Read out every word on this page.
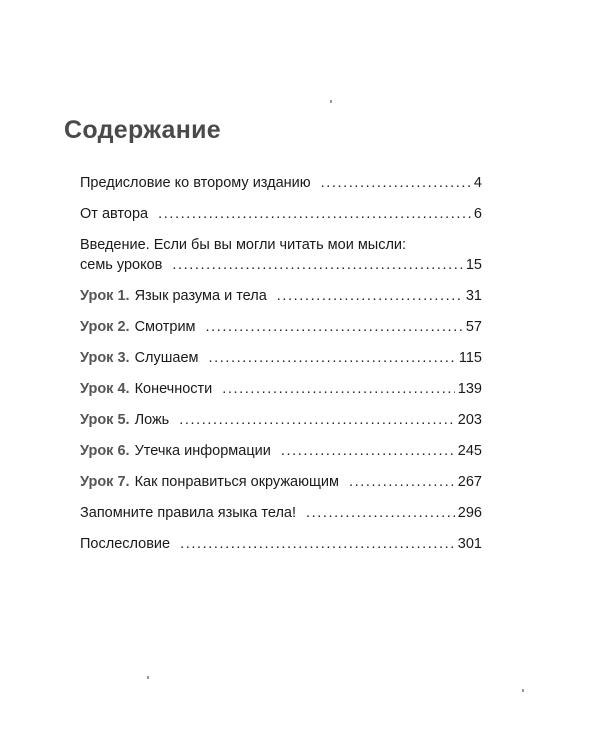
Содержание
Предисловие ко второму изданию .....	4
От автора .....	6
Введение. Если бы вы могли читать мои мысли:
семь уроков .....	15
Урок 1. Язык разума и тела .....	31
Урок 2. Смотрим .....	57
Урок 3. Слушаем .....	115
Урок 4. Конечности .....	139
Урок 5. Ложь .....	203
Урок 6. Утечка информации .....	245
Урок 7. Как понравиться окружающим .....	267
Запомните правила языка тела! .....	296
Послесловие .....	301
